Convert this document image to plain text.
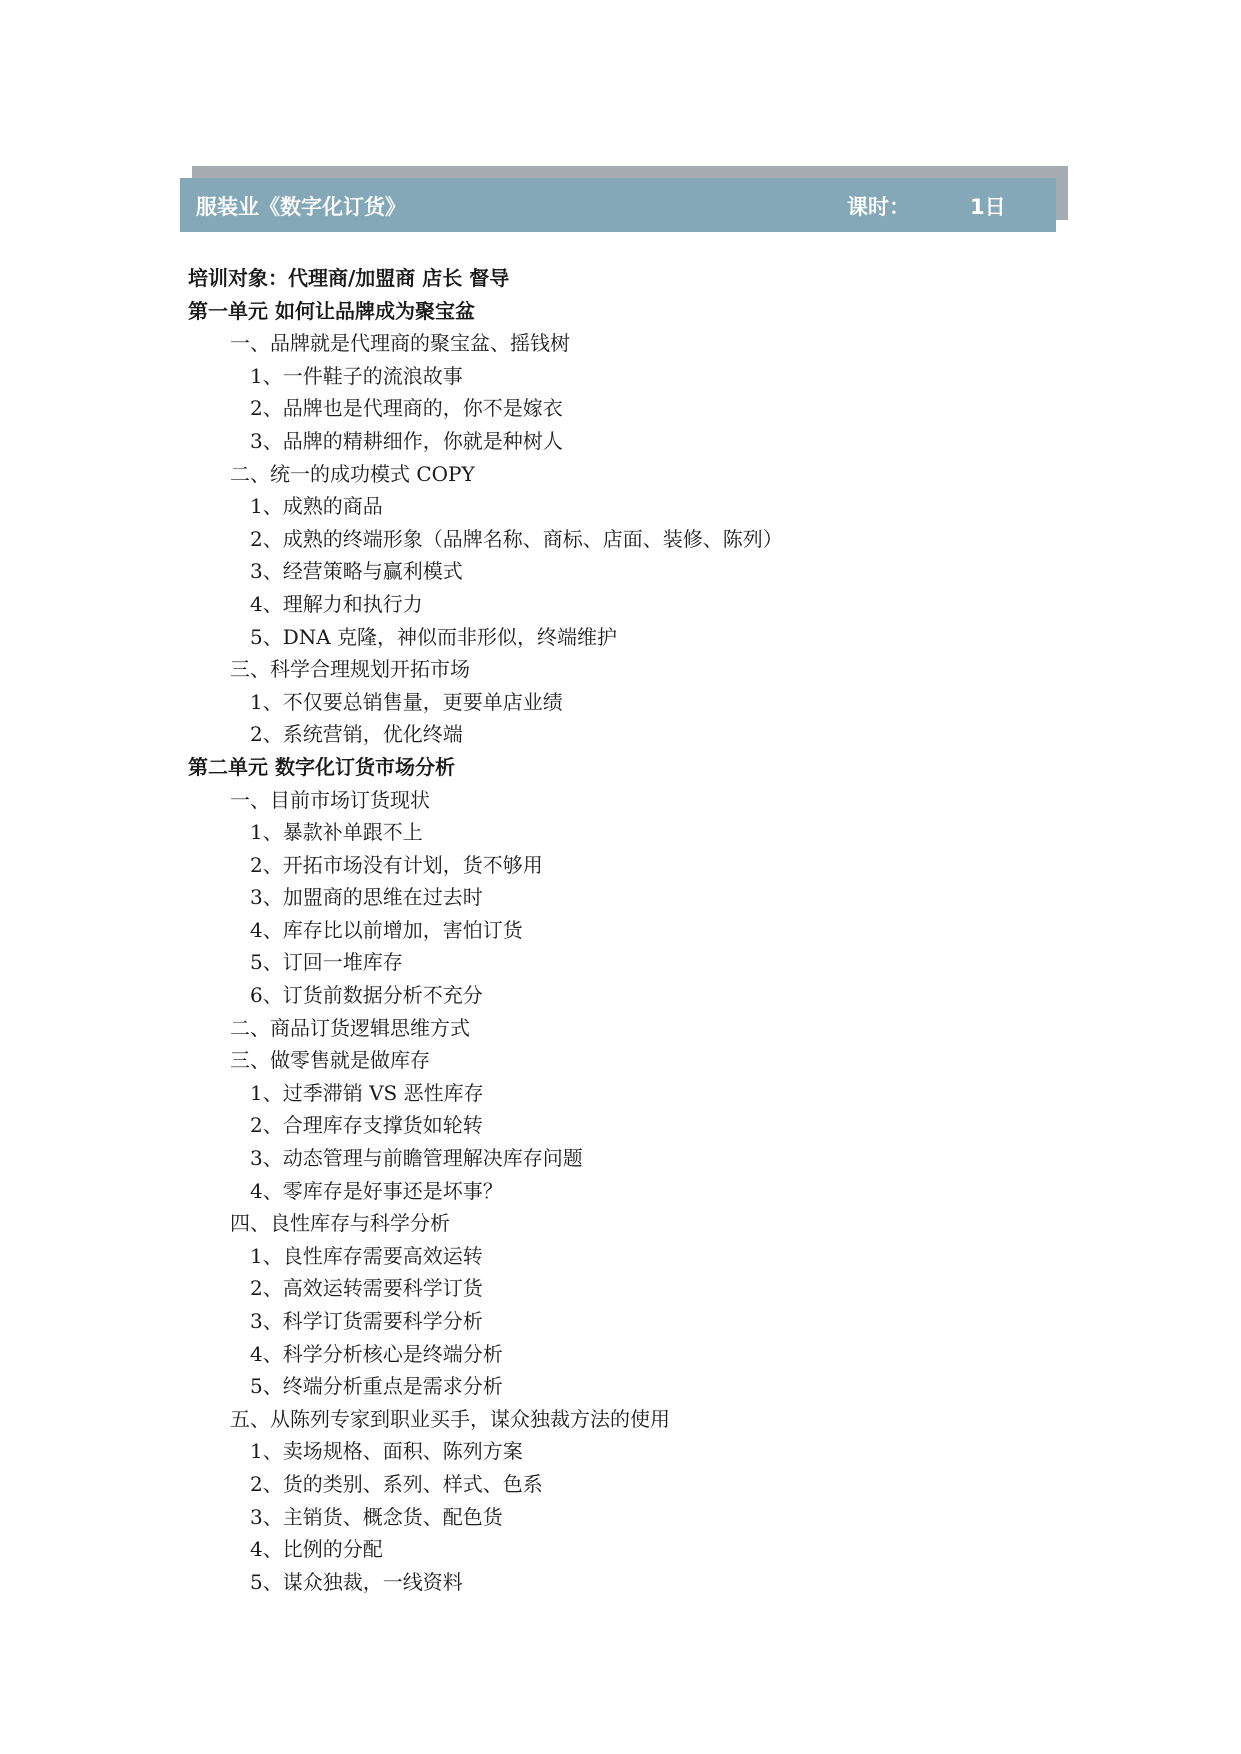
服装业《数字化订货》	课时：	1日
培训对象：代理商/加盟商 店长 督导
第一单元 如何让品牌成为聚宝盆
一、品牌就是代理商的聚宝盆、摇钱树
1、一件鞋子的流浪故事
2、品牌也是代理商的，你不是嫁衣
3、品牌的精耕细作，你就是种树人
二、统一的成功模式 COPY
1、成熟的商品
2、成熟的终端形象（品牌名称、商标、店面、装修、陈列）
3、经营策略与赢利模式
4、理解力和执行力
5、DNA 克隆，神似而非形似，终端维护
三、科学合理规划开拓市场
1、不仅要总销售量，更要单店业绩
2、系统营销，优化终端
第二单元 数字化订货市场分析
一、目前市场订货现状
1、暴款补单跟不上
2、开拓市场没有计划，货不够用
3、加盟商的思维在过去时
4、库存比以前增加，害怕订货
5、订回一堆库存
6、订货前数据分析不充分
二、商品订货逻辑思维方式
三、做零售就是做库存
1、过季滞销 VS 恶性库存
2、合理库存支撑货如轮转
3、动态管理与前瞻管理解决库存问题
4、零库存是好事还是坏事？
四、良性库存与科学分析
1、良性库存需要高效运转
2、高效运转需要科学订货
3、科学订货需要科学分析
4、科学分析核心是终端分析
5、终端分析重点是需求分析
五、从陈列专家到职业买手，谋众独裁方法的使用
1、卖场规格、面积、陈列方案
2、货的类别、系列、样式、色系
3、主销货、概念货、配色货
4、比例的分配
5、谋众独裁，一线资料
